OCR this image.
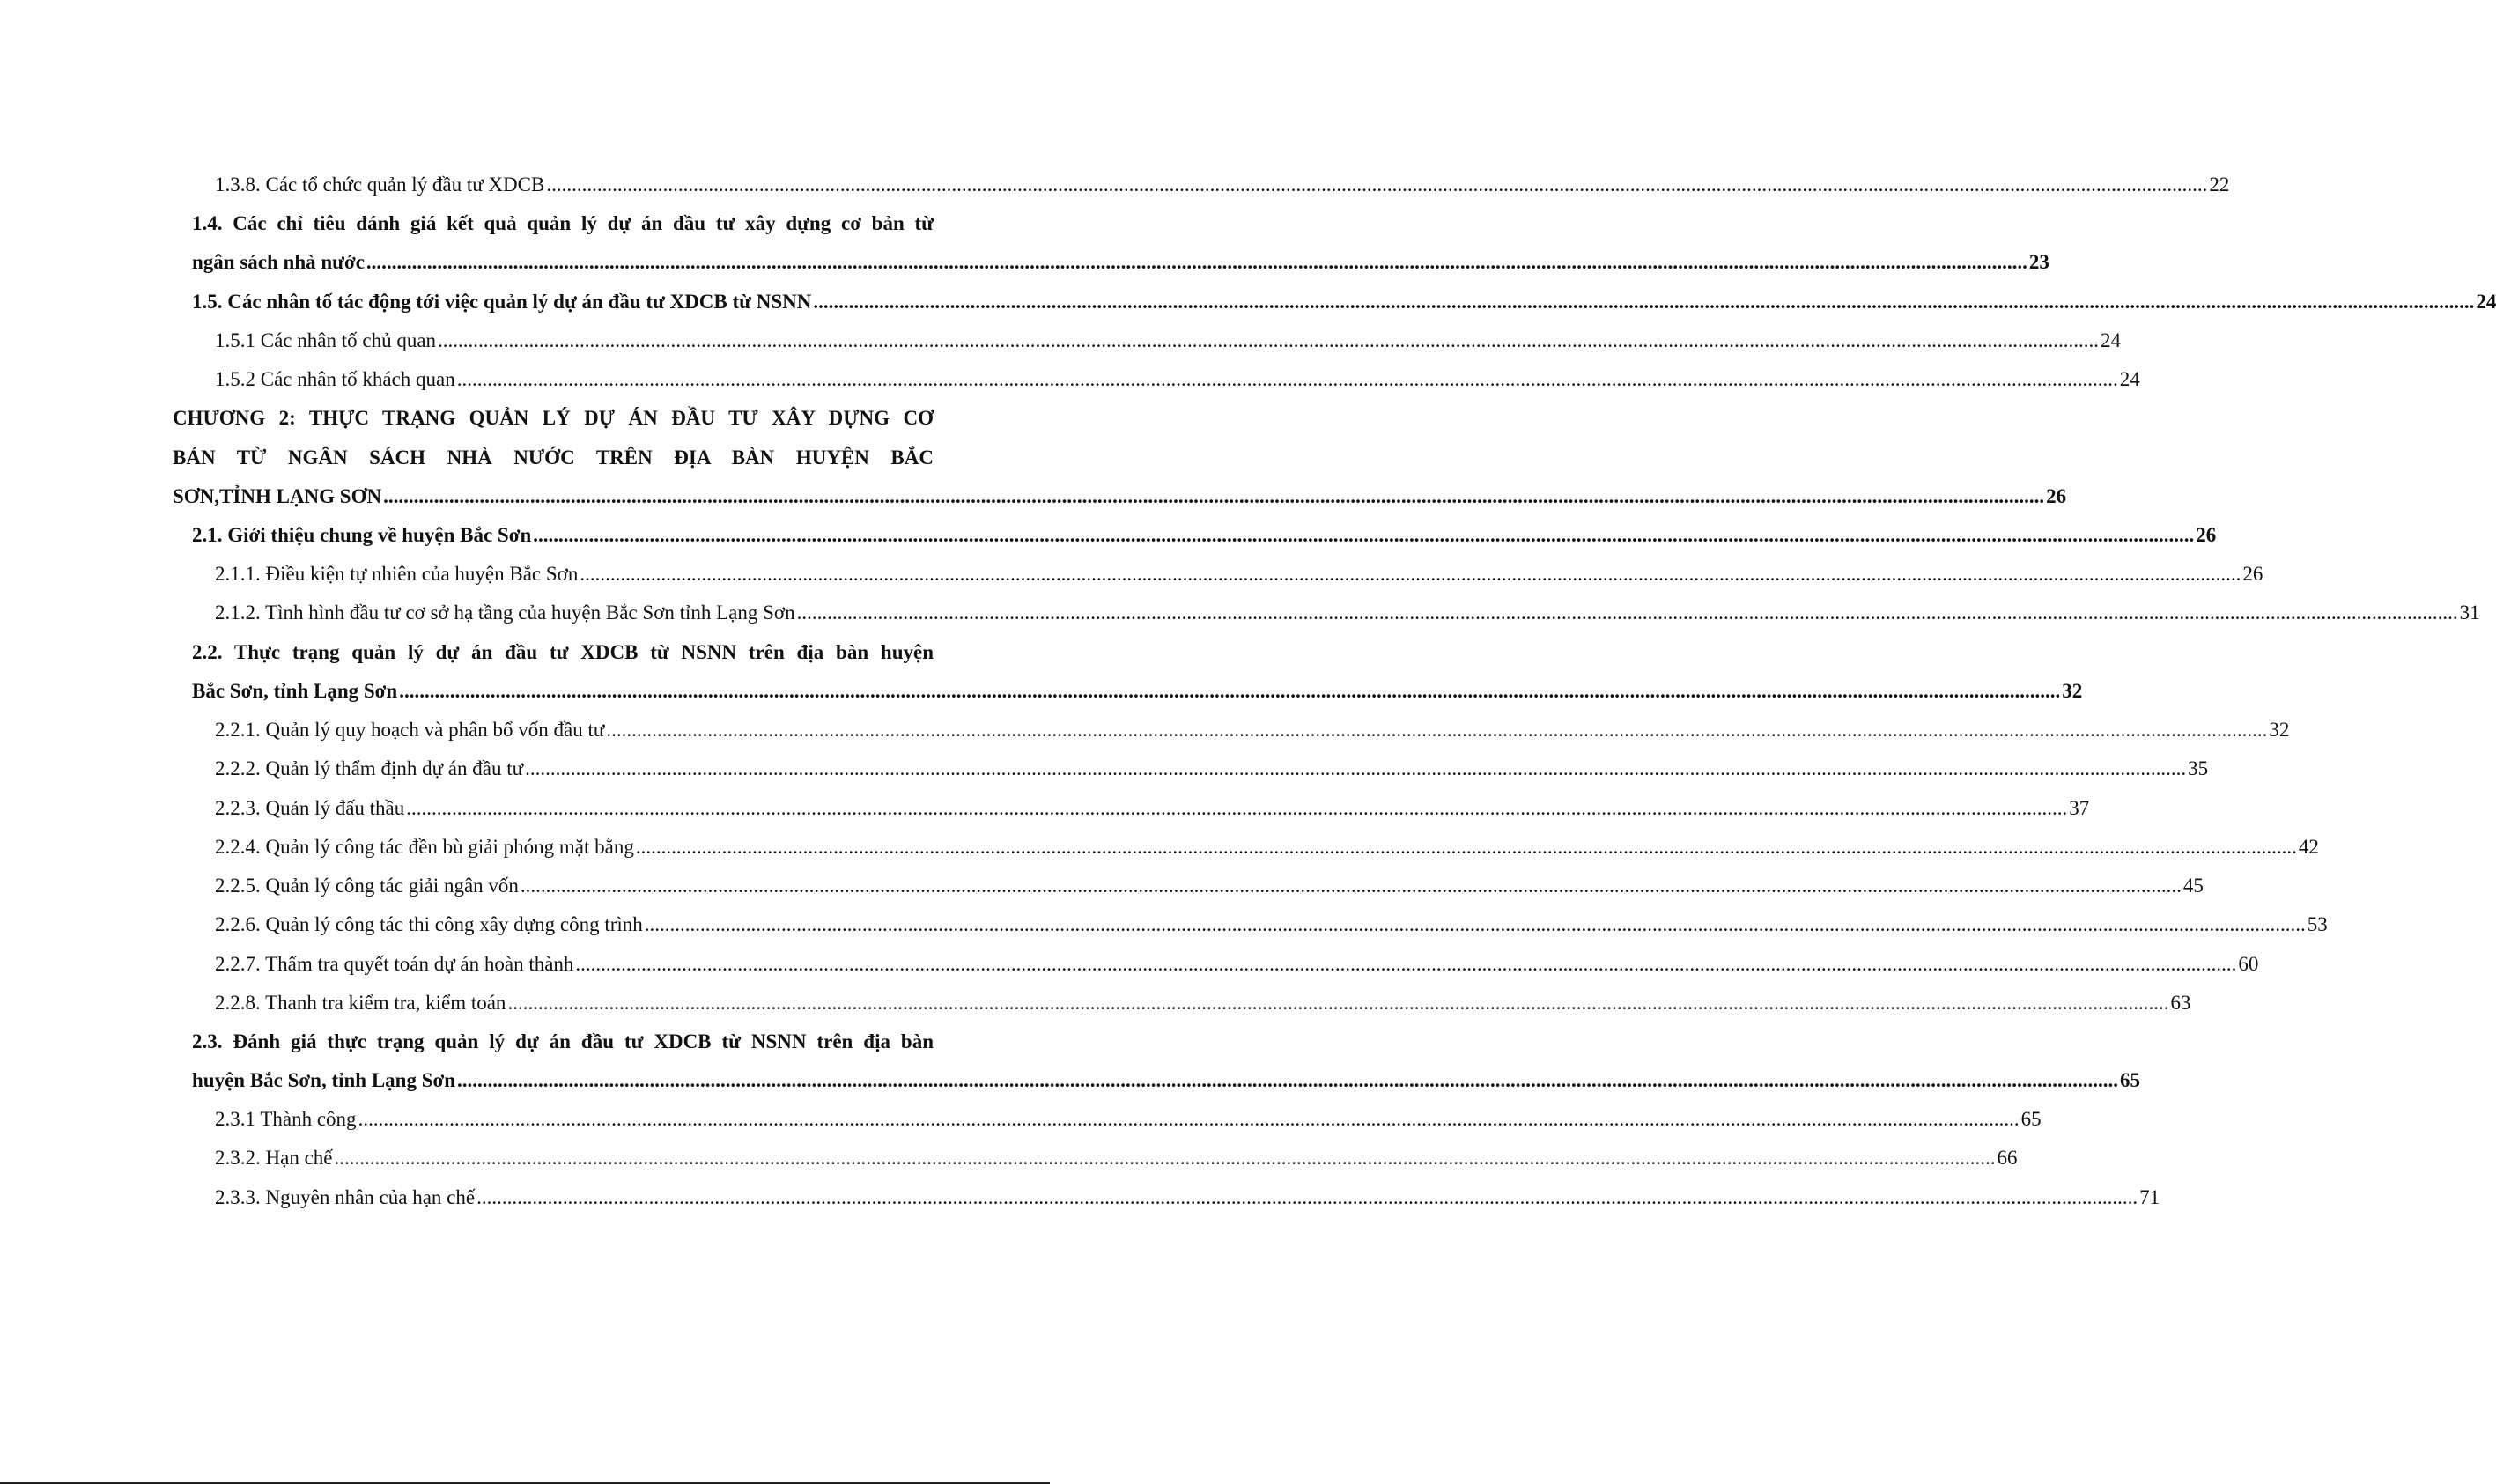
1.3.8. Các tổ chức quản lý đầu tư XDCB .....	22
1.4. Các chỉ tiêu đánh giá kết quả quản lý dự án đầu tư xây dựng cơ bản từ
ngân sách nhà nước .....	23
1.5. Các nhân tố tác động tới việc quản lý dự án đầu tư XDCB từ NSNN .....	24
1.5.1 Các nhân tố chủ quan .....	24
1.5.2 Các nhân tố khách quan .....	24
CHƯƠNG 2: THỰC TRẠNG QUẢN LÝ DỰ ÁN ĐẦU TƯ XÂY DỰNG CƠ
BẢN TỪ NGÂN SÁCH NHÀ NƯỚC TRÊN ĐỊA BÀN HUYỆN BẮC
SƠN,TỈNH LẠNG SƠN .....	26
2.1. Giới thiệu chung về huyện Bắc Sơn .....	26
2.1.1. Điều kiện tự nhiên của huyện Bắc Sơn .....	26
2.1.2. Tình hình đầu tư cơ sở hạ tầng của huyện Bắc Sơn tỉnh Lạng Sơn .....	31
2.2. Thực trạng quản lý dự án đầu tư XDCB từ NSNN trên địa bàn huyện
Bắc Sơn, tỉnh Lạng Sơn .....	32
2.2.1. Quản lý quy hoạch và phân bổ vốn đầu tư .....	32
2.2.2. Quản lý thẩm định dự án đầu tư .....	35
2.2.3. Quản lý đấu thầu .....	37
2.2.4. Quản lý công tác đền bù giải phóng mặt bằng .....	42
2.2.5. Quản lý công tác giải ngân vốn .....	45
2.2.6. Quản lý công tác thi công xây dựng công trình .....	53
2.2.7. Thẩm tra quyết toán dự án hoàn thành .....	60
2.2.8. Thanh tra kiểm tra, kiểm toán .....	63
2.3. Đánh giá thực trạng quản lý dự án đầu tư XDCB từ NSNN trên địa bàn
huyện Bắc Sơn, tỉnh Lạng Sơn .....	65
2.3.1 Thành công .....	65
2.3.2. Hạn chế .....	66
2.3.3. Nguyên nhân của hạn chế .....	71
